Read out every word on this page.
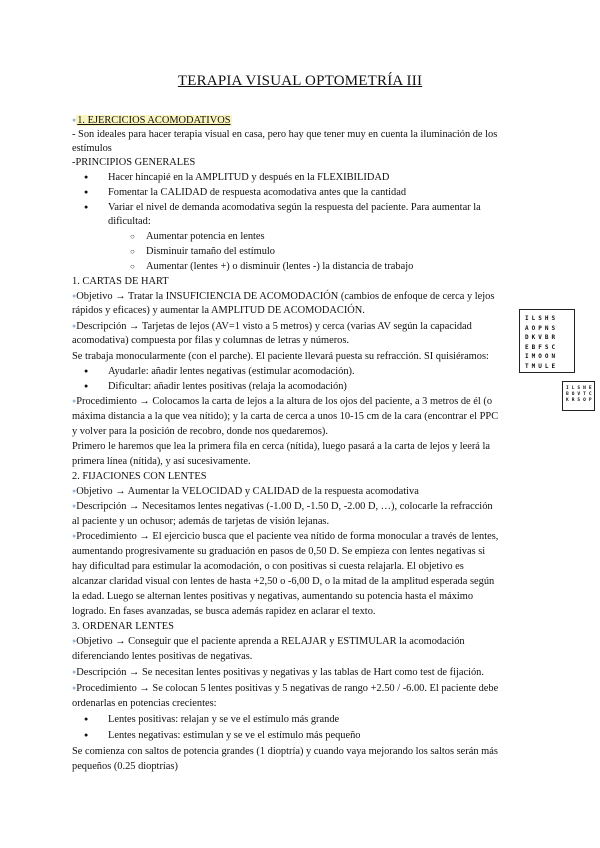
TERAPIA VISUAL OPTOMETRÍA III
●1. EJERCICIOS ACOMODATIVOS
- Son ideales para hacer terapia visual en casa, pero hay que tener muy en cuenta la iluminación de los
estímulos
-PRINCIPIOS GENERALES
● Hacer hincapié en la AMPLITUD y después en la FLEXIBILIDAD
● Fomentar la CALIDAD de respuesta acomodativa antes que la cantidad
● Variar el nivel de demanda acomodativa según la respuesta del paciente. Para aumentar la
dificultad:
○ Aumentar potencia en lentes
○ Disminuir tamaño del estímulo
○ Aumentar (lentes +) o disminuir (lentes -) la distancia de trabajo
1. CARTAS DE HART
●Objetivo → Tratar la INSUFICIENCIA DE ACOMODACIÓN (cambios de enfoque de cerca y lejos
rápidos y eficaces) y aumentar la AMPLITUD DE ACOMODACIÓN.
●Descripción → Tarjetas de lejos (AV=1 visto a 5 metros) y cerca (varias AV según la capacidad
acomodativa) compuesta por filas y columnas de letras y números.
Se trabaja monocularmente (con el parche). El paciente llevará puesta su refracción. SI quisiéramos:
● Ayudarle: añadir lentes negativas (estimular acomodación).
● Dificultar: añadir lentes positivas (relaja la acomodación)
●Procedimiento → Colocamos la carta de lejos a la altura de los ojos del paciente, a 3 metros de él (o
máxima distancia a la que vea nítido); y la carta de cerca a unos 10-15 cm de la cara (encontrar el PPC
y volver para la posición de recobro, donde nos quedaremos).
Primero le haremos que lea la primera fila en cerca (nítida), luego pasará a la carta de lejos y leerá la
primera línea (nítida), y así sucesivamente.
ILSHS
AOPNS
DKVBR
EBFSC
IMOON
TMULE
ILSNE
BOVTC
KRSOP
2. FIJACIONES CON LENTES
●Objetivo → Aumentar la VELOCIDAD y CALIDAD de la respuesta acomodativa
●Descripción → Necesitamos lentes negativas (-1.00 D, -1.50 D, -2.00 D, …), colocarle la refracción
al paciente y un ochusor; además de tarjetas de visión lejanas.
●Procedimiento → El ejercicio busca que el paciente vea nítido de forma monocular a través de lentes,
aumentando progresivamente su graduación en pasos de 0,50 D. Se empieza con lentes negativas si
hay dificultad para estimular la acomodación, o con positivas si cuesta relajarla. El objetivo es
alcanzar claridad visual con lentes de hasta +2,50 o -6,00 D, o la mitad de la amplitud esperada según
la edad. Luego se alternan lentes positivas y negativas, aumentando su potencia hasta el máximo
logrado. En fases avanzadas, se busca además rapidez en aclarar el texto.
3. ORDENAR LENTES
●Objetivo → Conseguir que el paciente aprenda a RELAJAR y ESTIMULAR la acomodación
diferenciando lentes positivas de negativas.
●Descripción → Se necesitan lentes positivas y negativas y las tablas de Hart como test de fijación.
●Procedimiento → Se colocan 5 lentes positivas y 5 negativas de rango +2.50 / -6.00. El paciente debe
ordenarlas en potencias crecientes:
● Lentes positivas: relajan y se ve el estímulo más grande
● Lentes negativas: estimulan y se ve el estímulo más pequeño
Se comienza con saltos de potencia grandes (1 dioptría) y cuando vaya mejorando los saltos serán más
pequeños (0.25 dioptrías)
